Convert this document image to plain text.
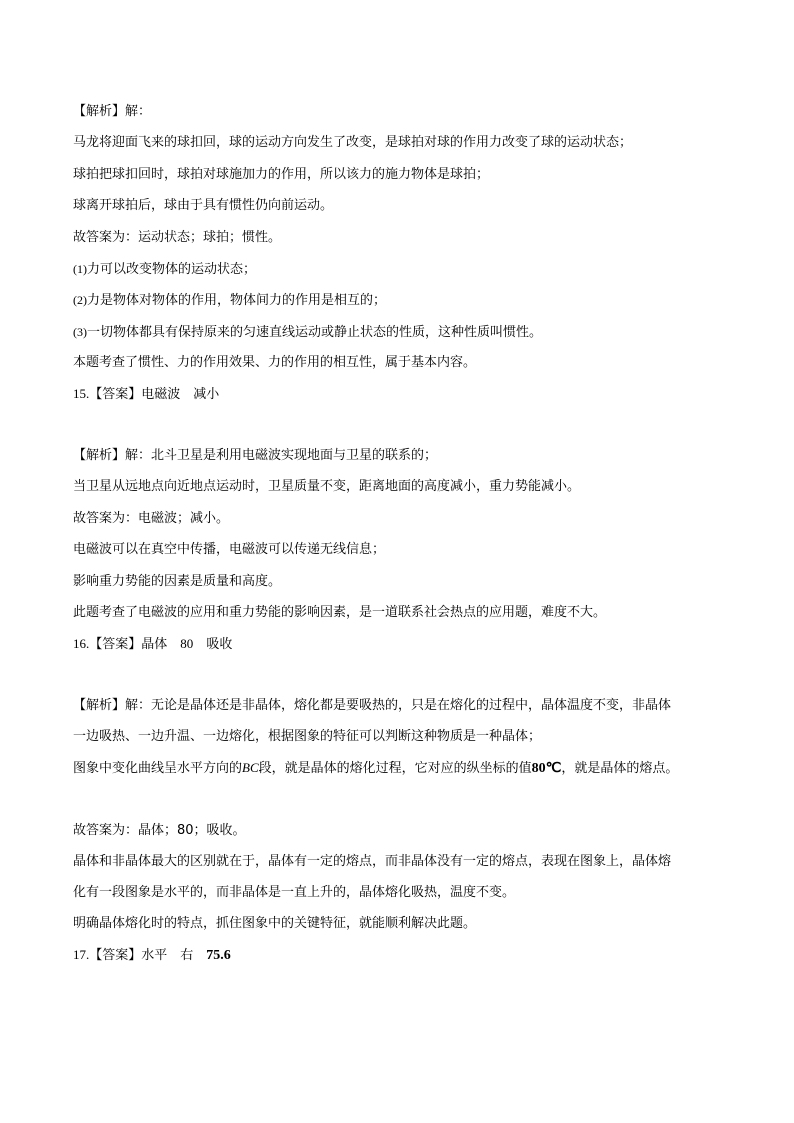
【解析】解：
马龙将迎面飞来的球扣回，球的运动方向发生了改变，是球拍对球的作用力改变了球的运动状态；
球拍把球扣回时，球拍对球施加力的作用，所以该力的施力物体是球拍；
球离开球拍后，球由于具有惯性仍向前运动。
故答案为：运动状态；球拍；惯性。
(1)力可以改变物体的运动状态；
(2)力是物体对物体的作用，物体间力的作用是相互的；
(3)一切物体都具有保持原来的匀速直线运动或静止状态的性质，这种性质叫惯性。
本题考查了惯性、力的作用效果、力的作用的相互性，属于基本内容。
15.【答案】电磁波　减小
【解析】解：北斗卫星是利用电磁波实现地面与卫星的联系的；
当卫星从远地点向近地点运动时，卫星质量不变，距离地面的高度减小，重力势能减小。
故答案为：电磁波；减小。
电磁波可以在真空中传播，电磁波可以传递无线信息；
影响重力势能的因素是质量和高度。
此题考查了电磁波的应用和重力势能的影响因素，是一道联系社会热点的应用题，难度不大。
16.【答案】晶体　 80　 吸收
【解析】解：无论是晶体还是非晶体，熔化都是要吸热的，只是在熔化的过程中，晶体温度不变，非晶体
一边吸热、一边升温、一边熔化，根据图象的特征可以判断这种物质是一种晶体；
图象中变化曲线呈水平方向的BC段，就是晶体的熔化过程，它对应的纵坐标的值80℃，就是晶体的熔点。
故答案为：晶体；80；吸收。
晶体和非晶体最大的区别就在于，晶体有一定的熔点，而非晶体没有一定的熔点，表现在图象上，晶体熔
化有一段图象是水平的，而非晶体是一直上升的，晶体熔化吸热，温度不变。
明确晶体熔化时的特点，抓住图象中的关键特征，就能顺利解决此题。
17.【答案】水平　右　 75.6
